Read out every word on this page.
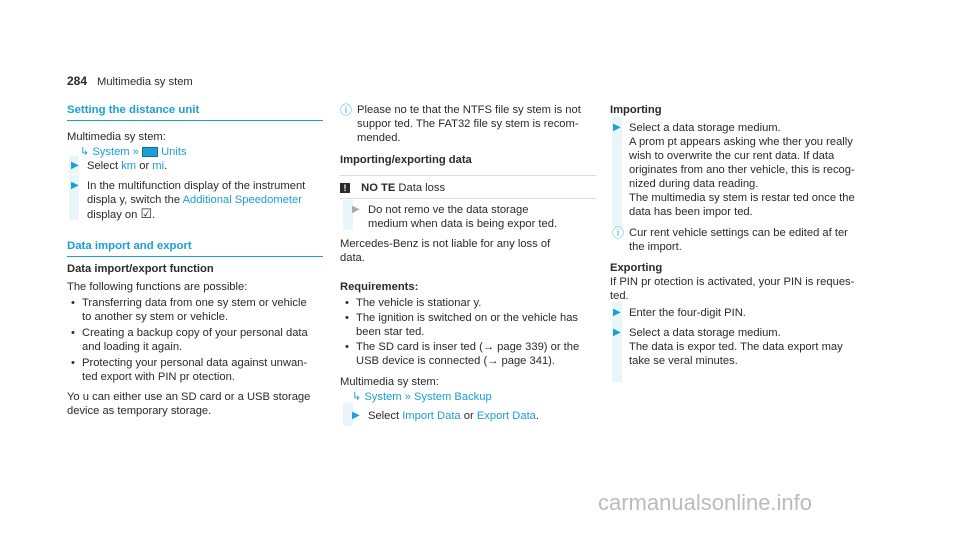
284 Multimedia sy stem
Setting the distance unit
Multimedia sy stem:
↳ System » Units
▶ Select km or mi.
▶ In the multifunction display of the instrument
displa y, switch the Additional Speedometer
display on ☑.
Data import and export
Data import/export function
The following functions are possible:
• Transferring data from one sy stem or vehicle
to another sy stem or vehicle.
• Creating a backup copy of your personal data
and loading it again.
• Protecting your personal data against unwan-
ted export with PIN pr otection.
Yo u can either use an SD card or a USB storage
device as temporary storage.
ⓘ Please no te that the NTFS file sy stem is not
suppor ted. The FAT32 file sy stem is recom-
mended.
Importing/exporting data
! NO TE Data loss
▶ Do not remo ve the data storage
medium when data is being expor ted.
Mercedes-Benz is not liable for any loss of
data.
Requirements:
• The vehicle is stationar y.
• The ignition is switched on or the vehicle has
been star ted.
• The SD card is inser ted (→ page 339) or the
USB device is connected (→ page 341).
Multimedia sy stem:
↳ System » System Backup
▶ Select Import Data or Export Data.
Importing
▶ Select a data storage medium.
A prom pt appears asking whe ther you really
wish to overwrite the cur rent data. If data
originates from ano ther vehicle, this is recog-
nized during data reading.
The multimedia sy stem is restar ted once the
data has been impor ted.
ⓘ Cur rent vehicle settings can be edited af ter
the import.
Exporting
If PIN pr otection is activated, your PIN is reques-
ted.
▶ Enter the four-digit PIN.
▶ Select a data storage medium.
The data is expor ted. The data export may
take se veral minutes.
carmanualsonline.info
